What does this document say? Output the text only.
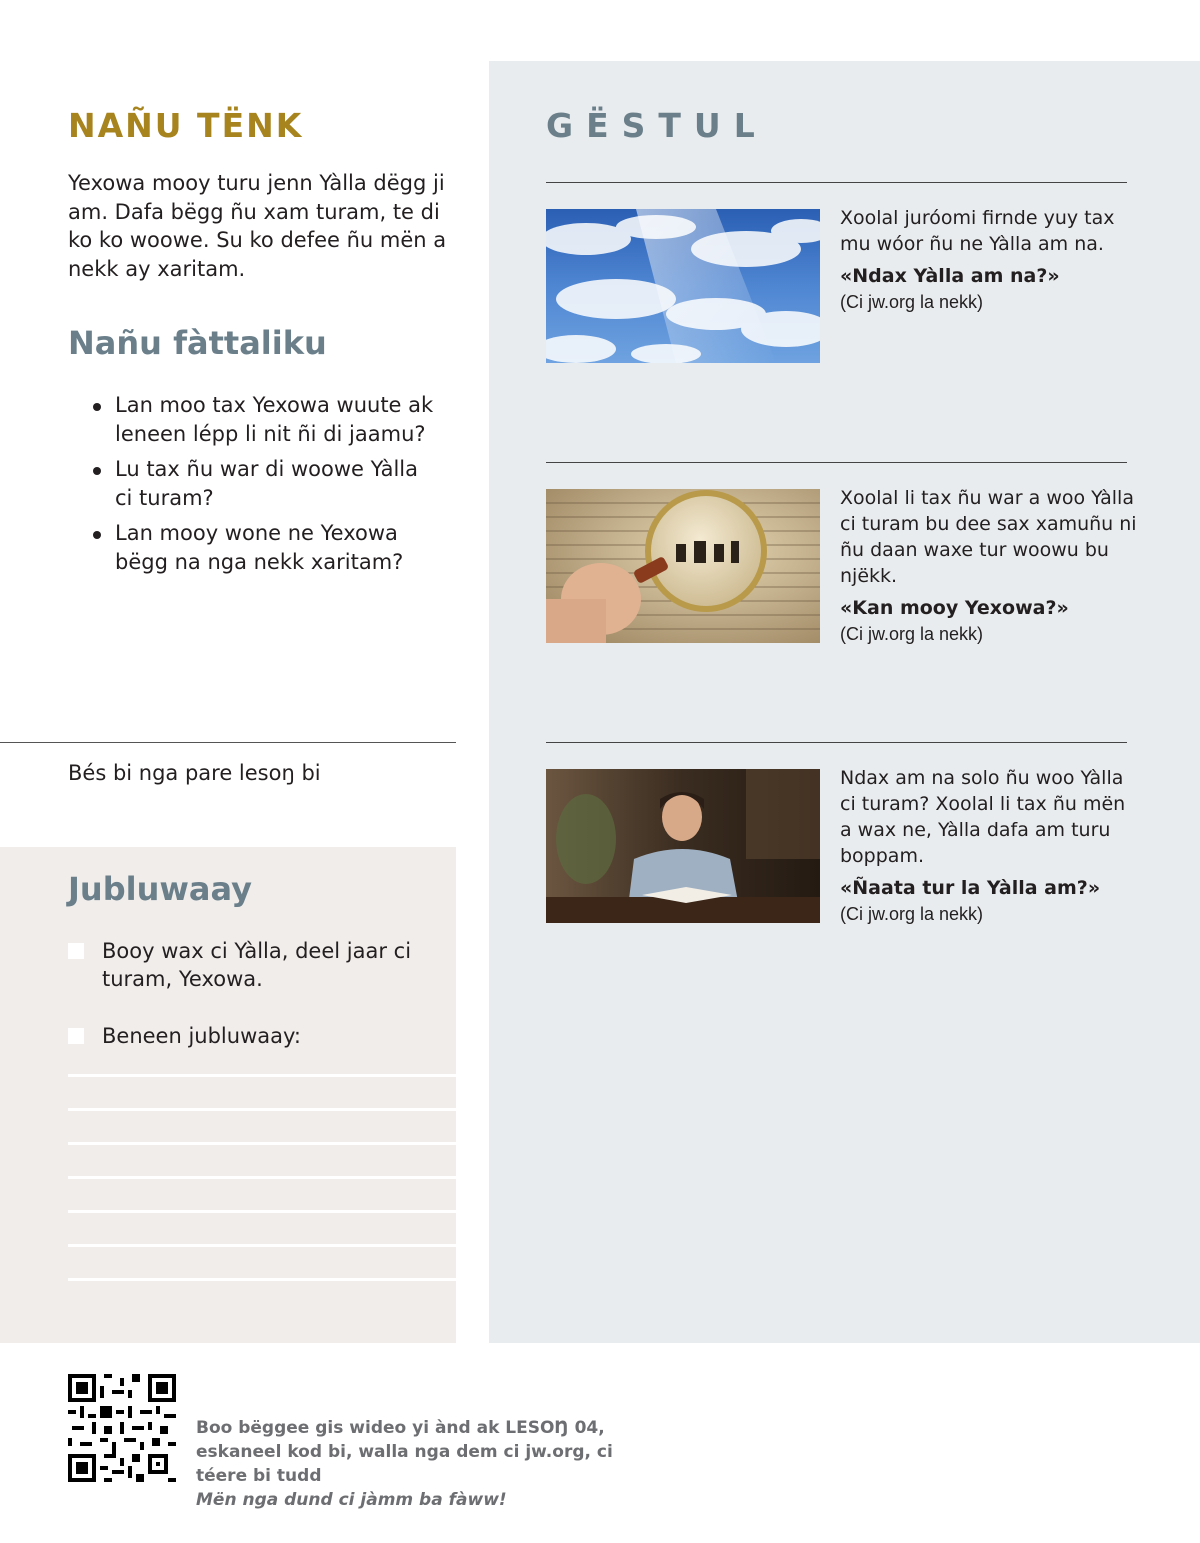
NAÑU TËNK

Yexowa mooy turu jenn Yàlla dëgg ji am. Dafa bëgg ñu xam turam, te di ko ko woowe. Su ko defee ñu mën a nekk ay xaritam.

Nañu fàttaliku
Lan moo tax Yexowa wuute ak leneen lépp li nit ñi di jaamu?
Lu tax ñu war di woowe Yàlla ci turam?
Lan mooy wone ne Yexowa bëgg na nga nekk xaritam?
Bés bi nga pare lesoŋ bi
Jubluwaay
Booy wax ci Yàlla, deel jaar ci turam, Yexowa.
Beneen jubluwaay:
GËSTUL
Xoolal juróomi firnde yuy tax mu wóor ñu ne Yàlla am na.
«Ndax Yàlla am na?»
(Ci jw.org la nekk)
Xoolal li tax ñu war a woo Yàlla ci turam bu dee sax xamuñu ni ñu daan waxe tur woowu bu njëkk.
«Kan mooy Yexowa?»
(Ci jw.org la nekk)
Ndax am na solo ñu woo Yàlla ci turam? Xoolal li tax ñu mën a wax ne, Yàlla dafa am turu boppam.
«Ñaata tur la Yàlla am?»
(Ci jw.org la nekk)
Boo bëggee gis wideo yi ànd ak LESOŊ 04, eskaneel kod bi, walla nga dem ci jw.org, ci téere bi tudd
Mën nga dund ci jàmm ba fàww!
